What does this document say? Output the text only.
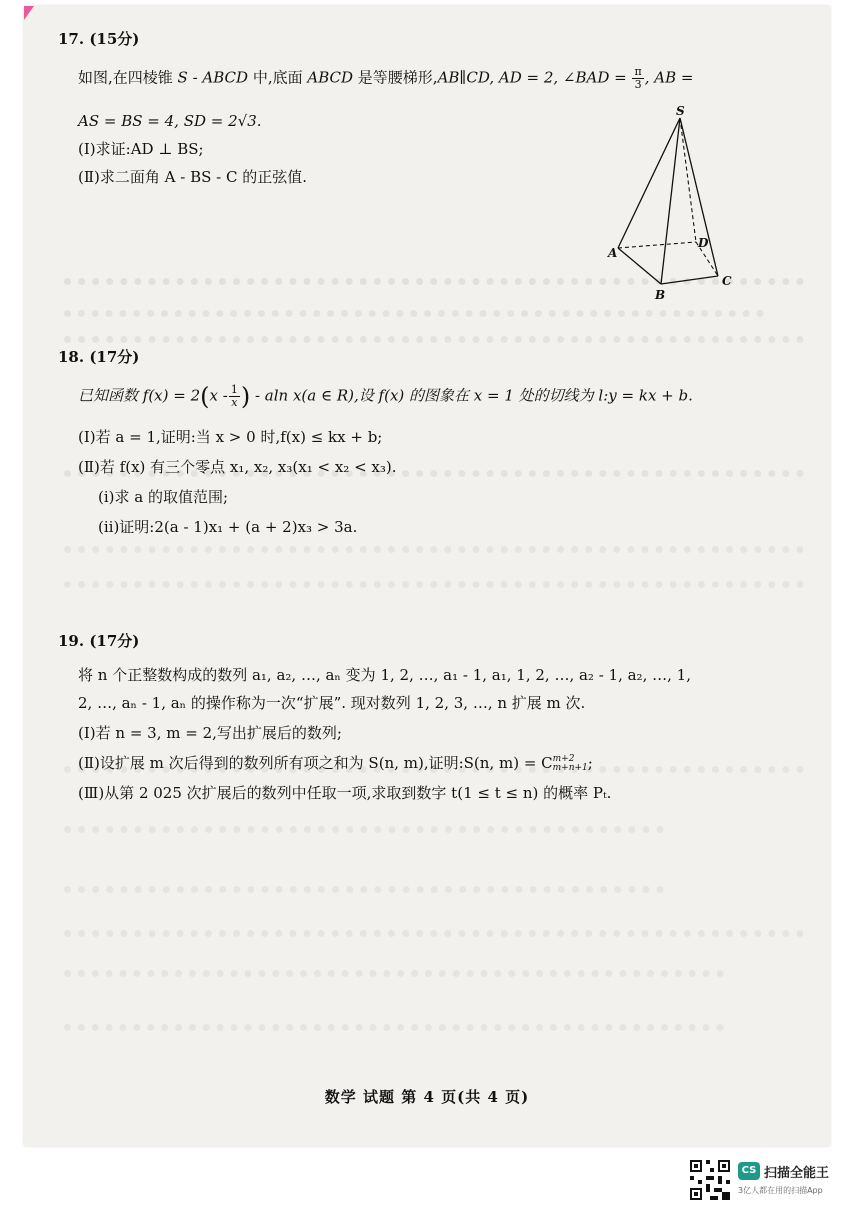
17. (15分)
如图,在四棱锥 S - ABCD 中,底面 ABCD 是等腰梯形,AB∥CD, AD = 2, ∠BAD = $\frac{\pi}{3}$ , AB =
AS = BS = 4, SD = 2√3.
(Ⅰ)求证:AD ⊥ BS;
(Ⅱ)求二面角 A - BS - C 的正弦值.
S
A
D
C
B
18. (17分)
已知函数 $f(x) = 2(x - \frac{1}{x}$ ) - aln x(a ∈ R),设 f(x) 的图象在 x = 1 处的切线为 l:y = kx + b.
(Ⅰ)若 a = 1,证明:当 x > 0 时,f(x) ≤ kx + b;
(Ⅱ)若 f(x) 有三个零点 x₁, x₂, x₃(x₁ < x₂ < x₃).
(ⅰ)求 a 的取值范围;
(ⅱ)证明:2(a - 1)x₁ + (a + 2)x₃ > 3a.
19. (17分)
将 n 个正整数构成的数列 a₁, a₂, …, aₙ 变为 1, 2, …, a₁ - 1, a₁, 1, 2, …, a₂ - 1, a₂, …, 1,
2, …, aₙ - 1, aₙ 的操作称为一次“扩展”. 现对数列 1, 2, 3, …, n 扩展 m 次.
(Ⅰ)若 n = 3, m = 2,写出扩展后的数列;
(Ⅱ)设扩展 m 次后得到的数列所有项之和为 S(n, m),证明:S(n, m) = C m+2
m+n+1 ;
(Ⅲ)从第 2 025 次扩展后的数列中任取一项,求取到数字 t(1 ≤ t ≤ n) 的概率 Pₜ.
数学 试题 第 4 页(共 4 页)
CS 扫描全能王
3亿人都在用的扫描App
